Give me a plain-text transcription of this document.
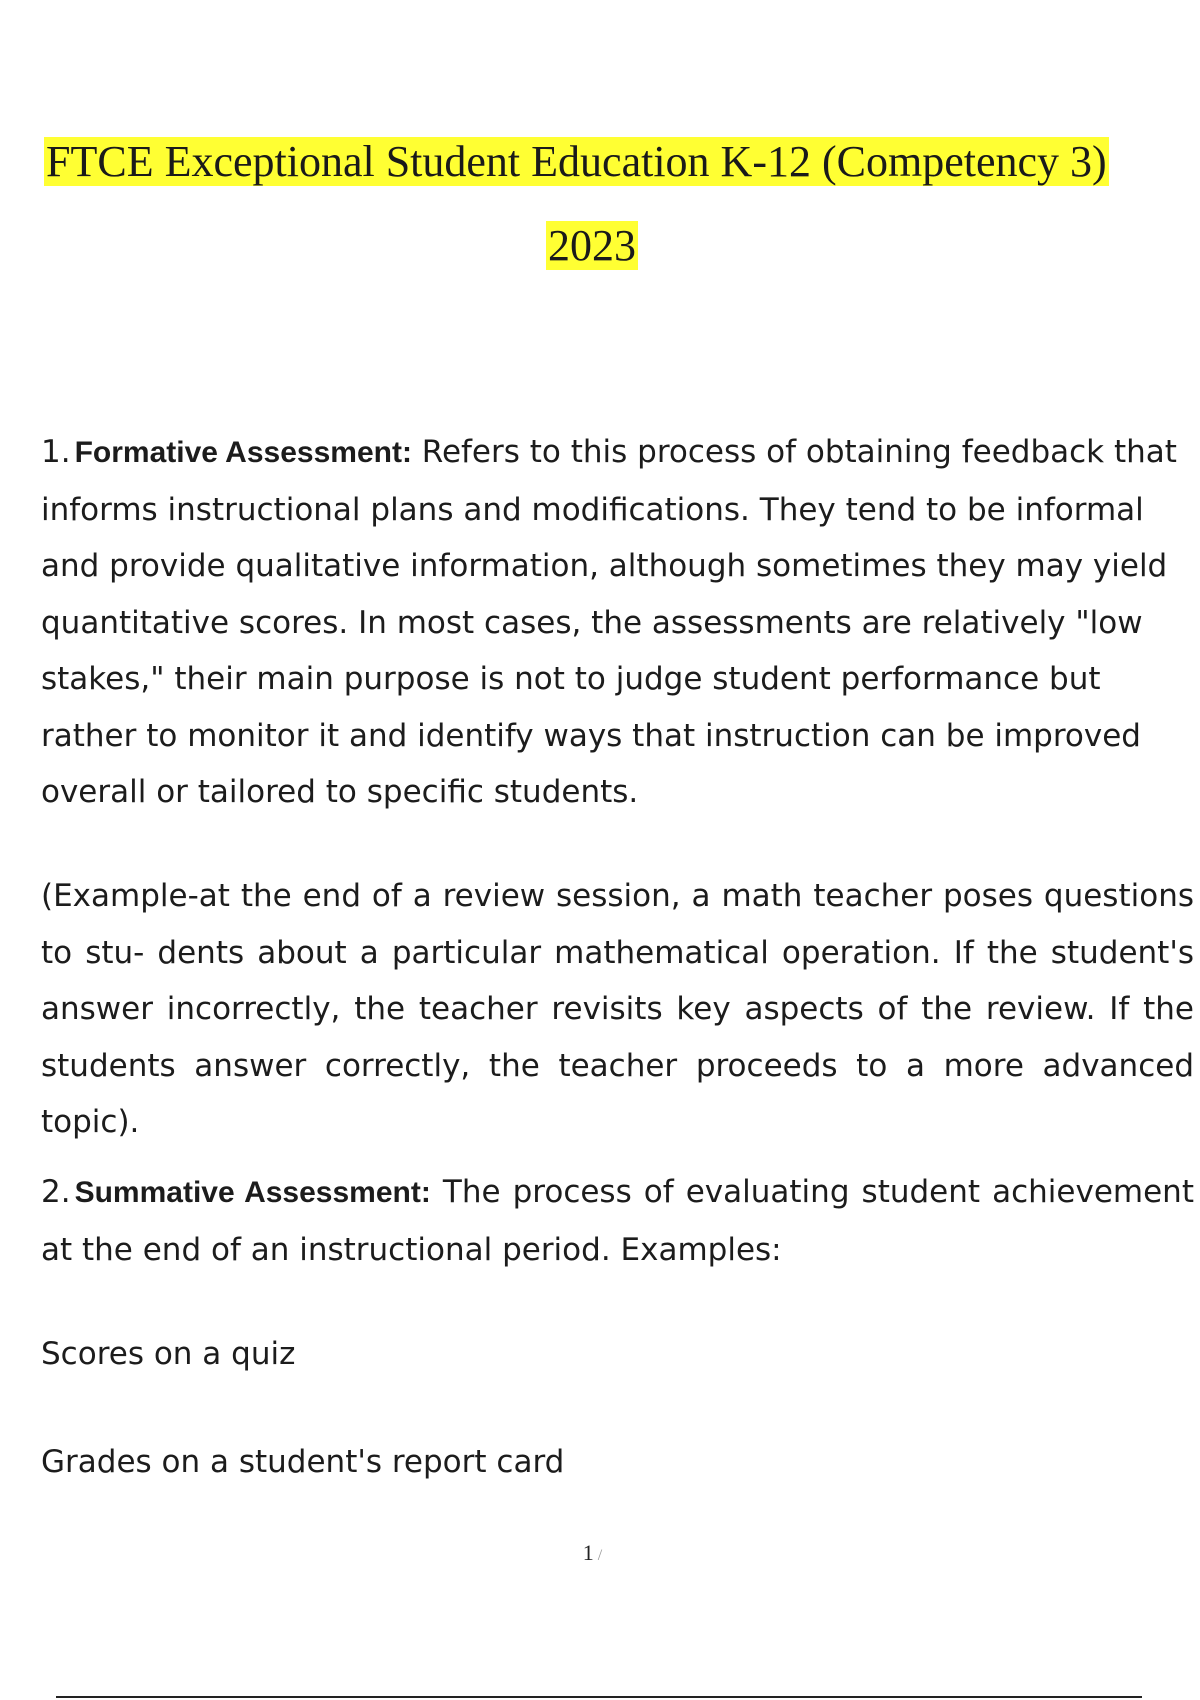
FTCE Exceptional Student Education K-12 (Competency 3)
2023

1. Formative Assessment: Refers to this process of obtaining feedback that informs instructional plans and modifications. They tend to be informal and provide qualitative information, although sometimes they may yield quantitative scores. In most cases, the assessments are relatively "low stakes," their main purpose is not to judge student performance but rather to monitor it and identify ways that instruction can be improved overall or tailored to specific students.

(Example-at the end of a review session, a math teacher poses questions to stu- dents about a particular mathematical operation. If the student's answer incorrectly, the teacher revisits key aspects of the review. If the students answer correctly, the teacher proceeds to a more advanced topic).

2. Summative Assessment: The process of evaluating student achievement at the end of an instructional period. Examples:

Scores on a quiz

Grades on a student's report card

1 /
